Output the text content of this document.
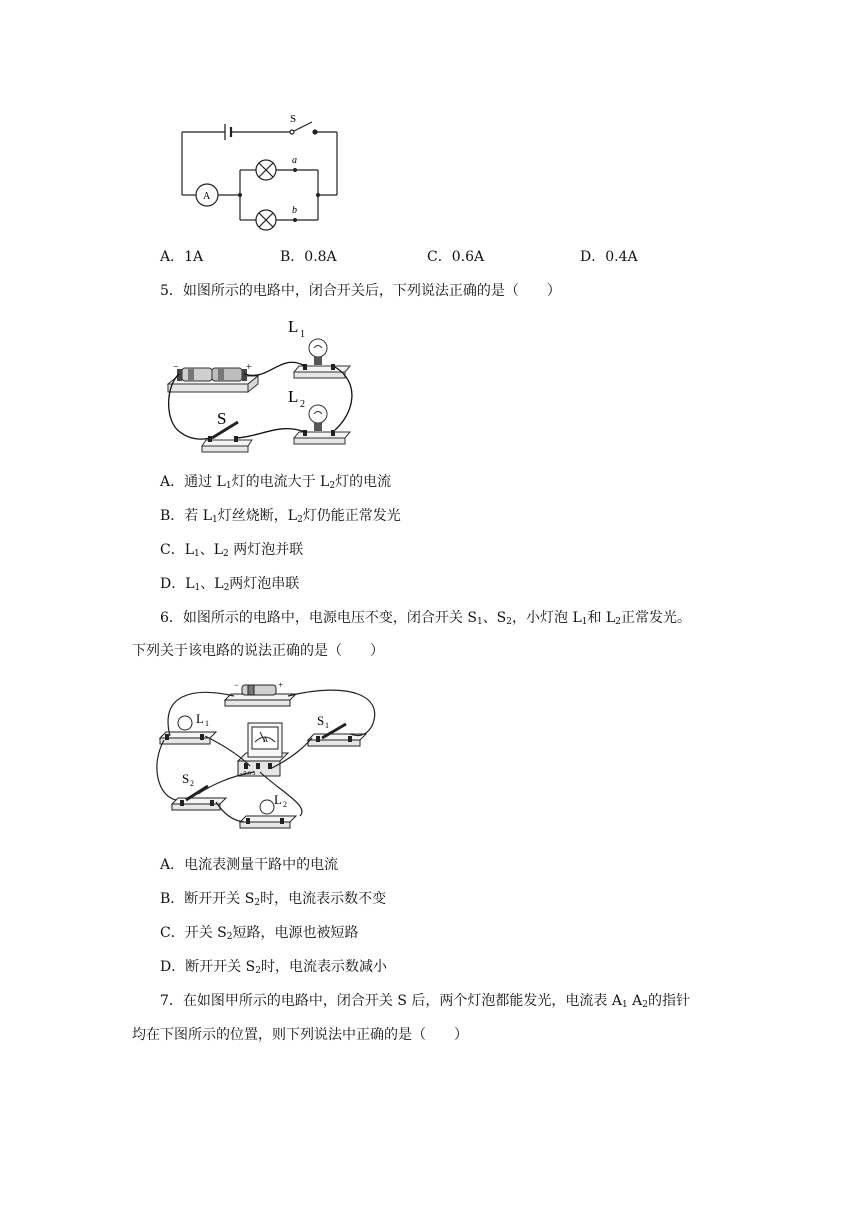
S
A
a
b
A．1A	B．0.8A	C．0.6A	D．0.4A
5．如图所示的电路中，闭合开关后，下列说法正确的是（　　）
−	+
L 1
L 2
S
A．通过 $L_1$灯的电流大于 $L_2$灯的电流
B．若 $L_1$灯丝烧断，$L_2$灯仍能正常发光
C．$L_1$、$L_2$ 两灯泡并联
D．$L_1$、$L_2$两灯泡串联
6．如图所示的电路中，电源电压不变，闭合开关 $S_1$、$S_2$，小灯泡 $L_1$和 $L_2$正常发光。
下列关于该电路的说法正确的是（　　）
−	+
A
- 0.6 3
L 1	S 1
S 2
L 2
A．电流表测量干路中的电流
B．断开开关 $S_2$时，电流表示数不变
C．开关 $S_2$短路，电源也被短路
D．断开开关 $S_2$时，电流表示数减小
7．在如图甲所示的电路中，闭合开关 S 后，两个灯泡都能发光，电流表 $A_1$ $A_2$的指针
均在下图所示的位置，则下列说法中正确的是（　　）
